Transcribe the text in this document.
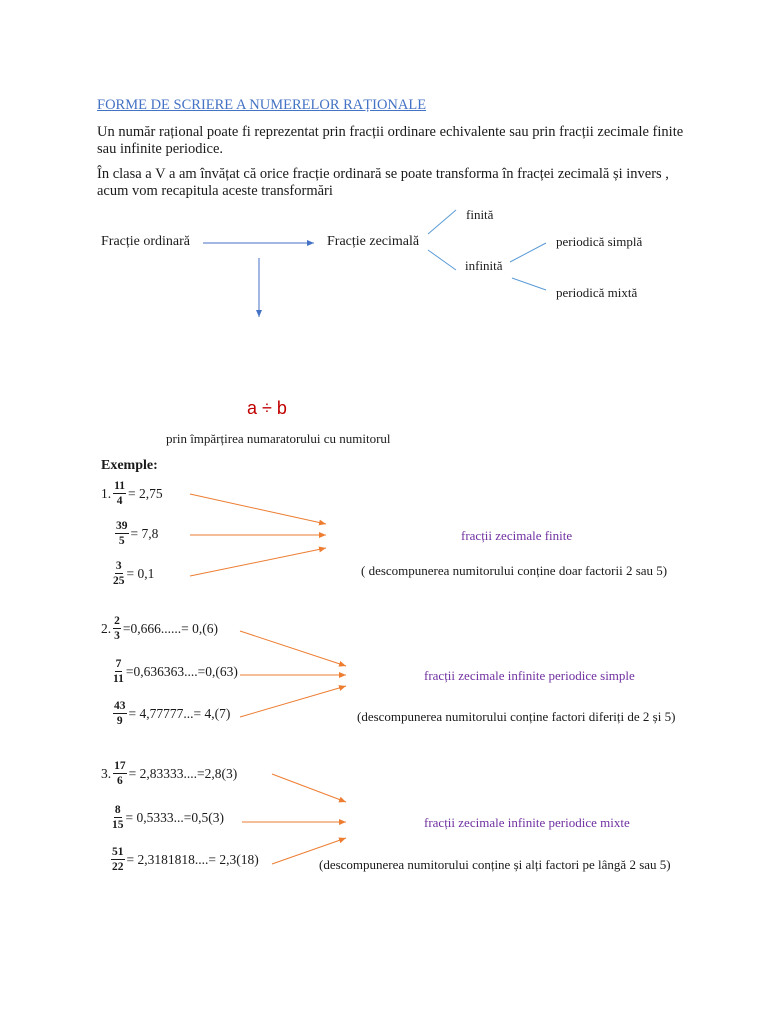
FORME DE SCRIERE A NUMERELOR RAȚIONALE
Un număr rațional poate fi reprezentat prin fracții ordinare echivalente sau prin fracții zecimale finite sau infinite periodice.
În clasa a V a am învățat că orice fracție ordinară se poate transforma în fracței zecimală și invers , acum vom recapitula aceste transformări
Fracție ordinară	Fracție zecimală
finită
infinită
periodică simplă
periodică mixtă
a ÷ b
prin împărțirea numaratorului cu numitorul
Exemple:
1. $\frac{11}{4} = 2,75$
$\frac{39}{5} = 7,8$
$\frac{3}{25} = 0,1$
fracții zecimale finite
( descompunerea numitorului conține doar factorii 2 sau 5)
2. $\frac{2}{3} =0,666......= 0,(6)$
$\frac{7}{11} =0,636363....=0,(63)$
$\frac{43}{9} = 4,77777...= 4,(7)$
fracții zecimale infinite periodice simple
(descompunerea numitorului conține factori diferiți de 2 și 5)
3. $\frac{17}{6} = 2,83333....=2,8(3)$
$\frac{8}{15} = 0,5333...=0,5(3)$
$\frac{51}{22} = 2,3181818....= 2,3(18)$
fracții zecimale infinite periodice mixte
(descompunerea numitorului conține și alți factori pe lângă 2 sau 5)
